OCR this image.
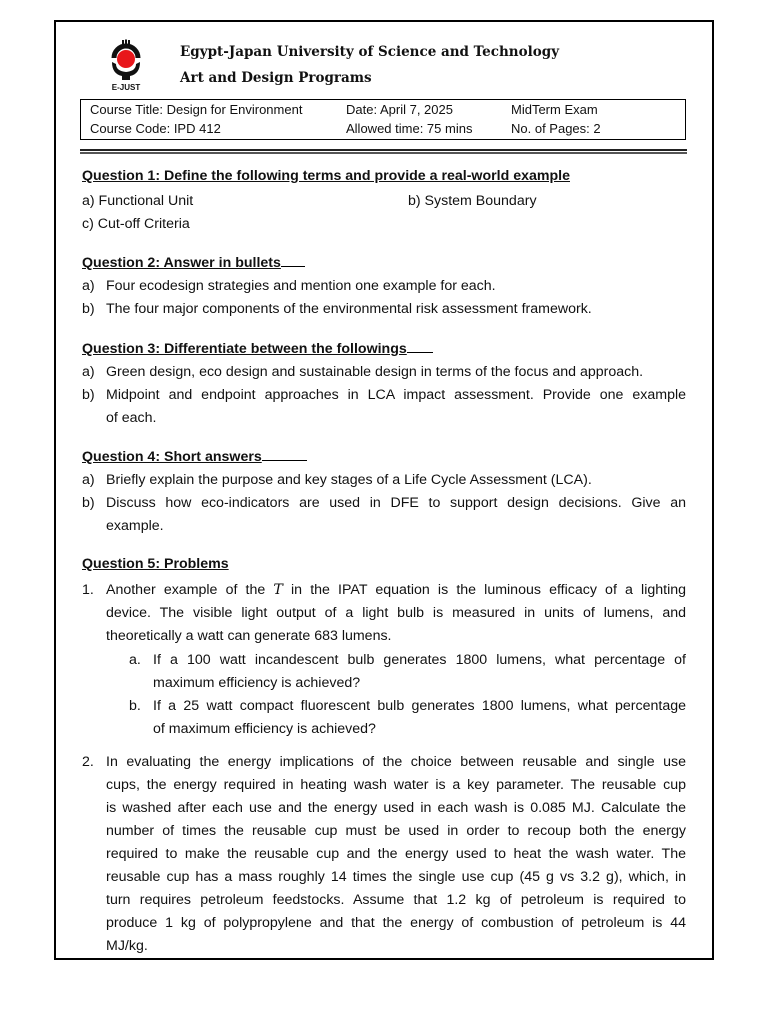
E-JUST
Egypt-Japan University of Science and Technology
Art and Design Programs
Course Title: Design for Environment
Course Code: IPD 412
Date: April 7, 2025
Allowed time: 75 mins
MidTerm Exam
No. of Pages: 2
Question 1: Define the following terms and provide a real-world example
a) Functional Unit	b) System Boundary
c) Cut-off Criteria
Question 2: Answer in bullets
a) Four ecodesign strategies and mention one example for each.
b) The four major components of the environmental risk assessment framework.
Question 3: Differentiate between the followings
a) Green design, eco design and sustainable design in terms of the focus and approach.
b) Midpoint and endpoint approaches in LCA impact assessment. Provide one example
of each.
Question 4: Short answers
a) Briefly explain the purpose and key stages of a Life Cycle Assessment (LCA).
b) Discuss how eco-indicators are used in DFE to support design decisions. Give an
example.
Question 5: Problems
1. Another example of the T in the IPAT equation is the luminous efficacy of a lighting
device. The visible light output of a light bulb is measured in units of lumens, and
theoretically a watt can generate 683 lumens.
a. If a 100 watt incandescent bulb generates 1800 lumens, what percentage of
maximum efficiency is achieved?
b. If a 25 watt compact fluorescent bulb generates 1800 lumens, what percentage
of maximum efficiency is achieved?
2. In evaluating the energy implications of the choice between reusable and single use
cups, the energy required in heating wash water is a key parameter. The reusable cup
is washed after each use and the energy used in each wash is 0.085 MJ. Calculate the
number of times the reusable cup must be used in order to recoup both the energy
required to make the reusable cup and the energy used to heat the wash water. The
reusable cup has a mass roughly 14 times the single use cup (45 g vs 3.2 g), which, in
turn requires petroleum feedstocks. Assume that 1.2 kg of petroleum is required to
produce 1 kg of polypropylene and that the energy of combustion of petroleum is 44
MJ/kg.
